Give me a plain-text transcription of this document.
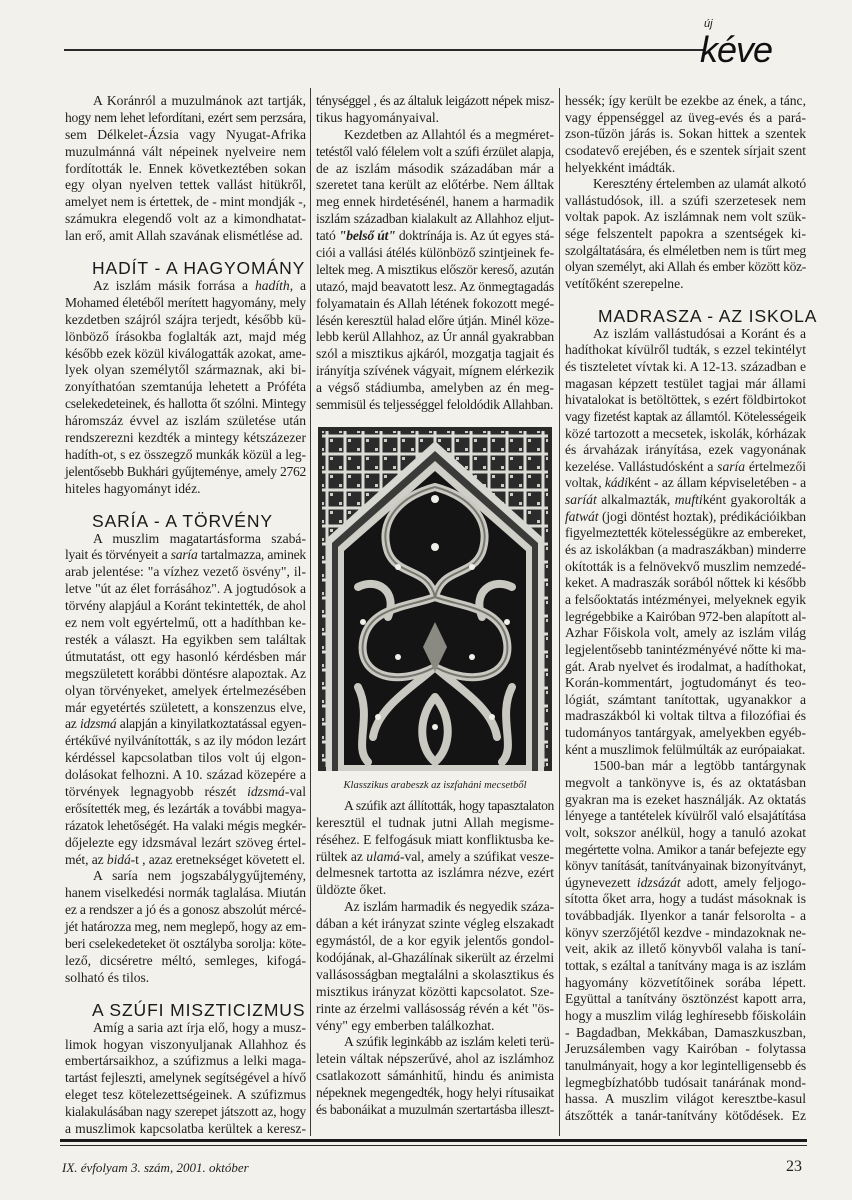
új
kéve
A Koránról a muzulmánok azt tartják,
hogy nem lehet lefordítani, ezért sem perzsára,
sem Délkelet-Ázsia vagy Nyugat-Afrika
muzulmánná vált népeinek nyelveire nem
fordították le. Ennek következtében sokan
egy olyan nyelven tettek vallást hitükről,
amelyet nem is értettek, de - mint mondják -,
számukra elegendő volt az a kimondhatat-
lan erő, amit Allah szavának elismétlése ad.
HADÍT - A HAGYOMÁNY
Az iszlám másik forrása a hadíth, a
Mohamed életéből merített hagyomány, mely
kezdetben szájról szájra terjedt, később kü-
lönböző írásokba foglalták azt, majd még
később ezek közül kiválogatták azokat, ame-
lyek olyan személytől származnak, aki bi-
zonyíthatóan szemtanúja lehetett a Próféta
cselekedeteinek, és hallotta őt szólni. Mintegy
háromszáz évvel az iszlám születése után
rendszerezni kezdték a mintegy kétszázezer
hadíth-ot, s ez összegző munkák közül a leg-
jelentősebb Bukhári gyűjteménye, amely 2762
hiteles hagyományt idéz.
SARÍA - A TÖRVÉNY
A muszlim magatartásforma szabá-
lyait és törvényeit a saría tartalmazza, aminek
arab jelentése: "a vízhez vezető ösvény", il-
letve "út az élet forrásához". A jogtudósok a
törvény alapjául a Koránt tekintették, de ahol
ez nem volt egyértelmű, ott a hadíthban ke-
resték a választ. Ha egyikben sem találtak
útmutatást, ott egy hasonló kérdésben már
megszületett korábbi döntésre alapoztak. Az
olyan törvényeket, amelyek értelmezésében
már egyetértés született, a konszenzus elve,
az idzsmá alapján a kinyilatkoztatással egyen-
értékűvé nyilvánították, s az ily módon lezárt
kérdéssel kapcsolatban tilos volt új elgon-
dolásokat felhozni. A 10. század közepére a
törvények legnagyobb részét idzsmá-val
erősítették meg, és lezárták a további magya-
rázatok lehetőségét. Ha valaki mégis megkér-
dőjelezte egy idzsmával lezárt szöveg értel-
mét, az bidá-t , azaz eretnekséget követett el.
A saría nem jogszabálygyűjtemény,
hanem viselkedési normák taglalása. Miután
ez a rendszer a jó és a gonosz abszolút mércé-
jét határozza meg, nem meglepő, hogy az em-
beri cselekedeteket öt osztályba sorolja: köte-
lező, dicséretre méltó, semleges, kifogá-
solható és tilos.
A SZÚFI MISZTICIZMUS
Amíg a saria azt írja elő, hogy a musz-
limok hogyan viszonyuljanak Allahhoz és
embertársaikhoz, a szúfizmus a lelki maga-
tartást fejleszti, amelynek segítségével a hívő
eleget tesz kötelezettségeinek. A szúfizmus
kialakulásában nagy szerepet játszott az, hogy
a muszlimok kapcsolatba kerültek a keresz-
ténységgel , és az általuk leigázott népek misz-
tikus hagyományaival.
Kezdetben az Allahtól és a megméret-
tetéstől való félelem volt a szúfi érzület alapja,
de az iszlám második századában már a
szeretet tana került az előtérbe. Nem álltak
meg ennek hirdetésénél, hanem a harmadik
iszlám században kialakult az Allahhoz eljut-
tató "belső út" doktrínája is. Az út egyes stá-
ciói a vallási átélés különböző szintjeinek fe-
leltek meg. A misztikus először kereső, azután
utazó, majd beavatott lesz. Az önmegtagadás
folyamatain és Allah létének fokozott megé-
lésén keresztül halad előre útján. Minél köze-
lebb kerül Allahhoz, az Úr annál gyakrabban
szól a misztikus ajkáról, mozgatja tagjait és
irányítja szívének vágyait, mígnem elérkezik
a végső stádiumba, amelyben az én meg-
semmisül és teljességgel feloldódik Allahban.
Klasszikus arabeszk az iszfaháni mecsetből
A szúfik azt állították, hogy tapasztalaton
keresztül el tudnak jutni Allah megisme-
réséhez. E felfogásuk miatt konfliktusba ke-
rültek az ulamá-val, amely a szúfikat vesze-
delmesnek tartotta az iszlámra nézve, ezért
üldözte őket.
Az iszlám harmadik és negyedik száza-
dában a két irányzat szinte végleg elszakadt
egymástól, de a kor egyik jelentős gondol-
kodójának, al-Ghazálínak sikerült az érzelmi
vallásosságban megtalálni a skolasztikus és
misztikus irányzat közötti kapcsolatot. Sze-
rinte az érzelmi vallásosság révén a két "ös-
vény" egy emberben találkozhat.
A szúfik leginkább az iszlám keleti terü-
letein váltak népszerűvé, ahol az iszlámhoz
csatlakozott sámánhitű, hindu és animista
népeknek megengedték, hogy helyi rítusaikat
és babonáikat a muzulmán szertartásba illeszt-
hessék; így került be ezekbe az ének, a tánc,
vagy éppenséggel az üveg-evés és a pará-
zson-tűzön járás is. Sokan hittek a szentek
csodatevő erejében, és e szentek sírjait szent
helyekként imádták.
Keresztény értelemben az ulamát alkotó
vallástudósok, ill. a szúfi szerzetesek nem
voltak papok. Az iszlámnak nem volt szük-
sége felszentelt papokra a szentségek ki-
szolgáltatására, és elméletben nem is tűrt meg
olyan személyt, aki Allah és ember között köz-
vetítőként szerepelne.
MADRASZA - AZ ISKOLA
Az iszlám vallástudósai a Koránt és a
hadíthokat kívülről tudták, s ezzel tekintélyt
és tiszteletet vívtak ki. A 12-13. században e
magasan képzett testület tagjai már állami
hivatalokat is betöltöttek, s ezért földbirtokot
vagy fizetést kaptak az államtól. Kötelességeik
közé tartozott a mecsetek, iskolák, kórházak
és árvaházak irányítása, ezek vagyonának
kezelése. Vallástudósként a saría értelmezői
voltak, kádiként - az állam képviseletében - a
saríát alkalmazták, muftiként gyakorolták a
fatwát (jogi döntést hoztak), prédikációikban
figyelmeztették kötelességükre az embereket,
és az iskolákban (a madraszákban) minderre
okították is a felnövekvő muszlim nemzedé-
keket. A madraszák sorából nőttek ki később
a felsőoktatás intézményei, melyeknek egyik
legrégebbike a Kairóban 972-ben alapított al-
Azhar Főiskola volt, amely az iszlám világ
legjelentősebb tanintézményévé nőtte ki ma-
gát. Arab nyelvet és irodalmat, a hadíthokat,
Korán-kommentárt, jogtudományt és teo-
lógiát, számtant tanítottak, ugyanakkor a
madraszákból ki voltak tiltva a filozófiai és
tudományos tantárgyak, amelyekben egyéb-
ként a muszlimok felülmúlták az európaiakat.
1500-ban már a legtöbb tantárgynak
megvolt a tankönyve is, és az oktatásban
gyakran ma is ezeket használják. Az oktatás
lényege a tantételek kívülről való elsajátítása
volt, sokszor anélkül, hogy a tanuló azokat
megértette volna. Amikor a tanár befejezte egy
könyv tanítását, tanítványainak bizonyítványt,
úgynevezett idzsázát adott, amely feljogo-
sította őket arra, hogy a tudást másoknak is
továbbadják. Ilyenkor a tanár felsorolta - a
könyv szerzőjétől kezdve - mindazoknak ne-
veit, akik az illető könyvből valaha is taní-
tottak, s ezáltal a tanítvány maga is az iszlám
hagyomány közvetítőinek sorába lépett.
Együttal a tanítvány ösztönzést kapott arra,
hogy a muszlim világ leghíresebb főiskoláin
- Bagdadban, Mekkában, Damaszkuszban,
Jeruzsálemben vagy Kairóban - folytassa
tanulmányait, hogy a kor legintelligensebb és
legmegbízhatóbb tudósait tanárának mond-
hassa. A muszlim világot keresztbe-kasul
átszőtték a tanár-tanítvány kötődések. Ez
IX. évfolyam 3. szám, 2001. október	23
